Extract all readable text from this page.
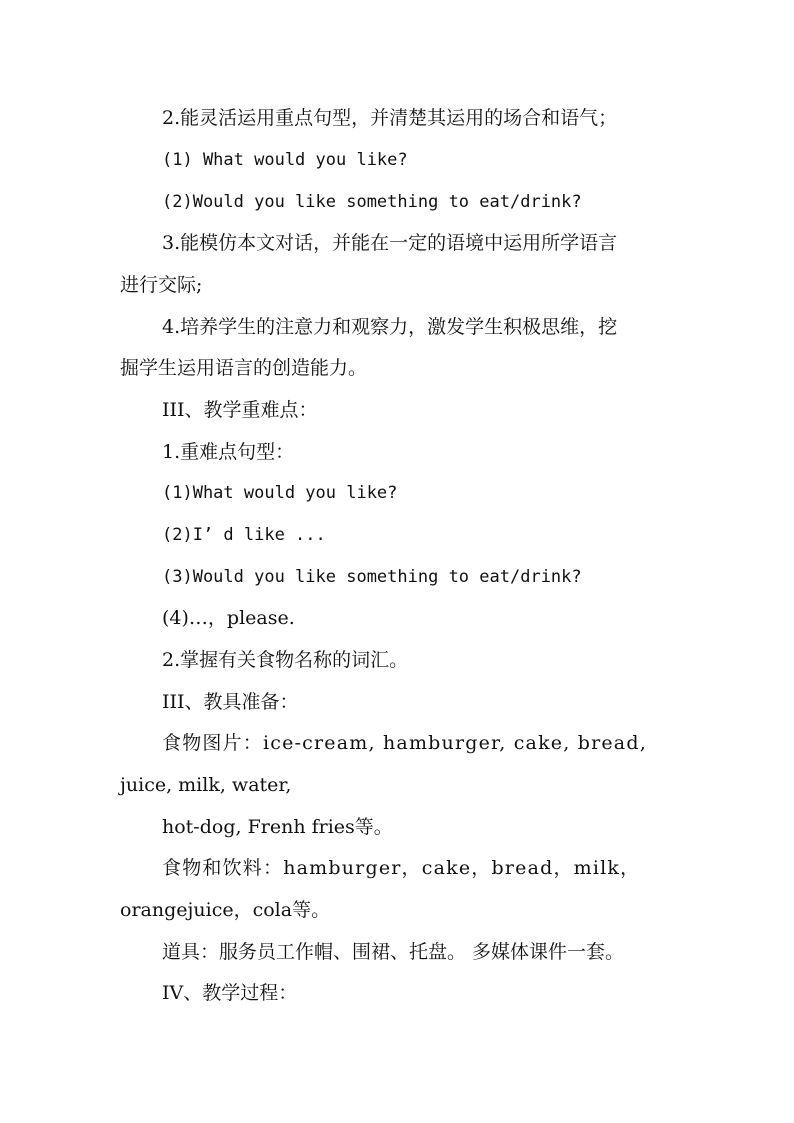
2.能灵活运用重点句型，并清楚其运用的场合和语气；
(1) What would you like?
(2)Would you like something to eat/drink?
3.能模仿本文对话，并能在一定的语境中运用所学语言
进行交际;
4.培养学生的注意力和观察力，激发学生积极思维，挖
掘学生运用语言的创造能力。
III、教学重难点：
1.重难点句型：
(1)What would you like?
(2)I’ d like ...
(3)Would you like something to eat/drink?
(4)…，please.
2.掌握有关食物名称的词汇。
III、教具准备：
食物图片：ice-cream, hamburger, cake, bread,
juice, milk, water,
hot-dog, Frenh fries等。
食物和饮料：hamburger，cake，bread，milk，
orangejuice，cola等。
道具：服务员工作帽、围裙、托盘。 多媒体课件一套。
IV、教学过程：
